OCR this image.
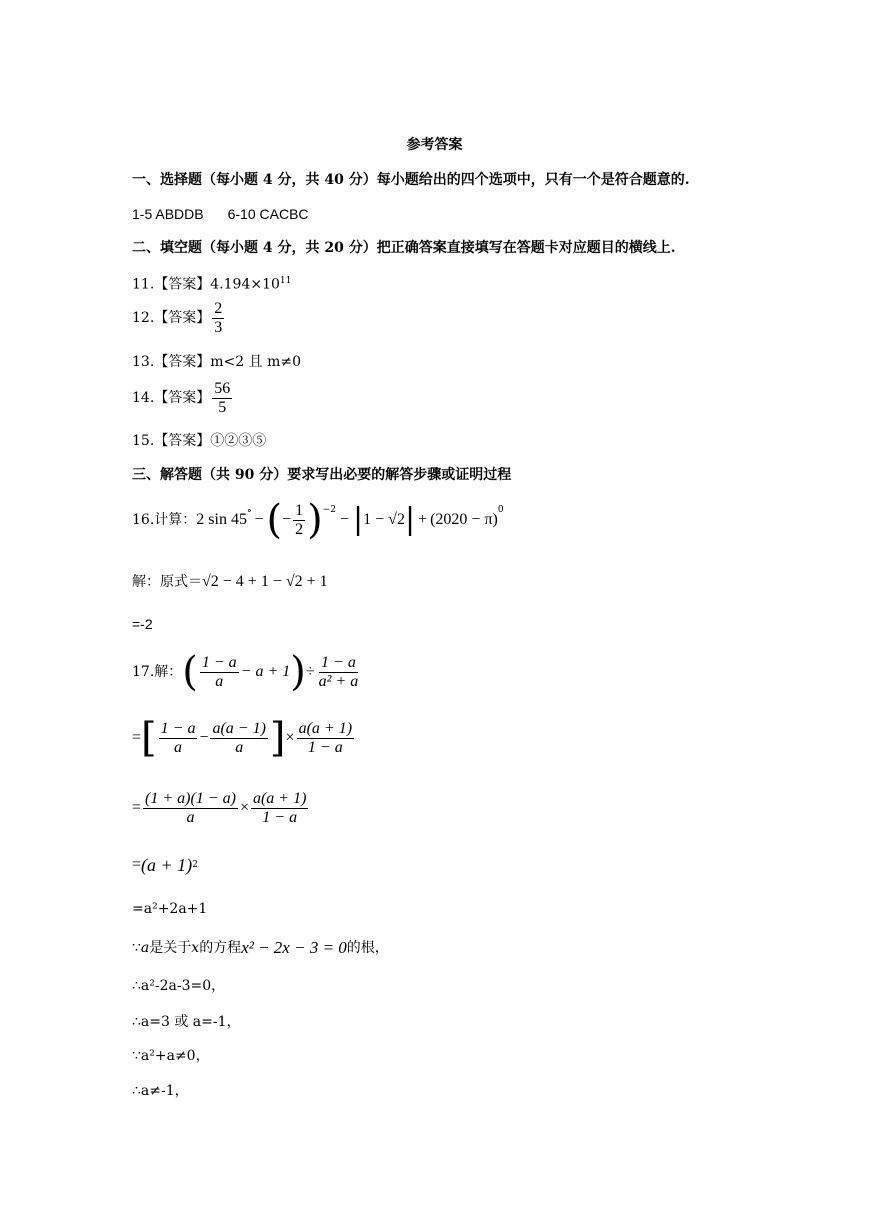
参考答案
一、选择题（每小题 4 分，共 40 分）每小题给出的四个选项中，只有一个是符合题意的.
1-5 ABDDB 6-10 CACBC
二、填空题（每小题 4 分，共 20 分）把正确答案直接填写在答题卡对应题目的横线上.
11.【答案】$4.194\times 10^{11}$
12.【答案】 $\frac{2}{3}$
13.【答案】m<2 且 m≠0
14.【答案】 $\frac{56}{5}$
15.【答案】①②③⑤
三、解答题（共 90 分）要求写出必要的解答步骤或证明过程
16.计算： 2 sin 45° − ( − $\frac{1}{2} )^{-2}$
− | 1 − √2 | + (2020 − π)
$^0$
解：原式＝ √2 − 4 + 1 − √2 + 1
=-2
17.解： ( $\frac{1 - a}{a} - a + 1$ ) ÷ $\frac{1 - a}{\text{a² + a}}$
= [ $\frac{1 - a}{a} - \frac{a(a - 1)}{a}$ ] × $\frac{a(a + 1)}{1 - a}$
= $\frac{(1 + a)(1 - a)}{a} \times \frac{a(a + 1)}{1 - a}$
= (a + 1) 2
=a²+2a+1
∵ a 是关于 x 的方程 x² − 2x − 3 = 0 的根，
∴a²-2a-3=0，
∴a=3 或 a=-1，
∵a²+a≠0，
∴a≠-1，
